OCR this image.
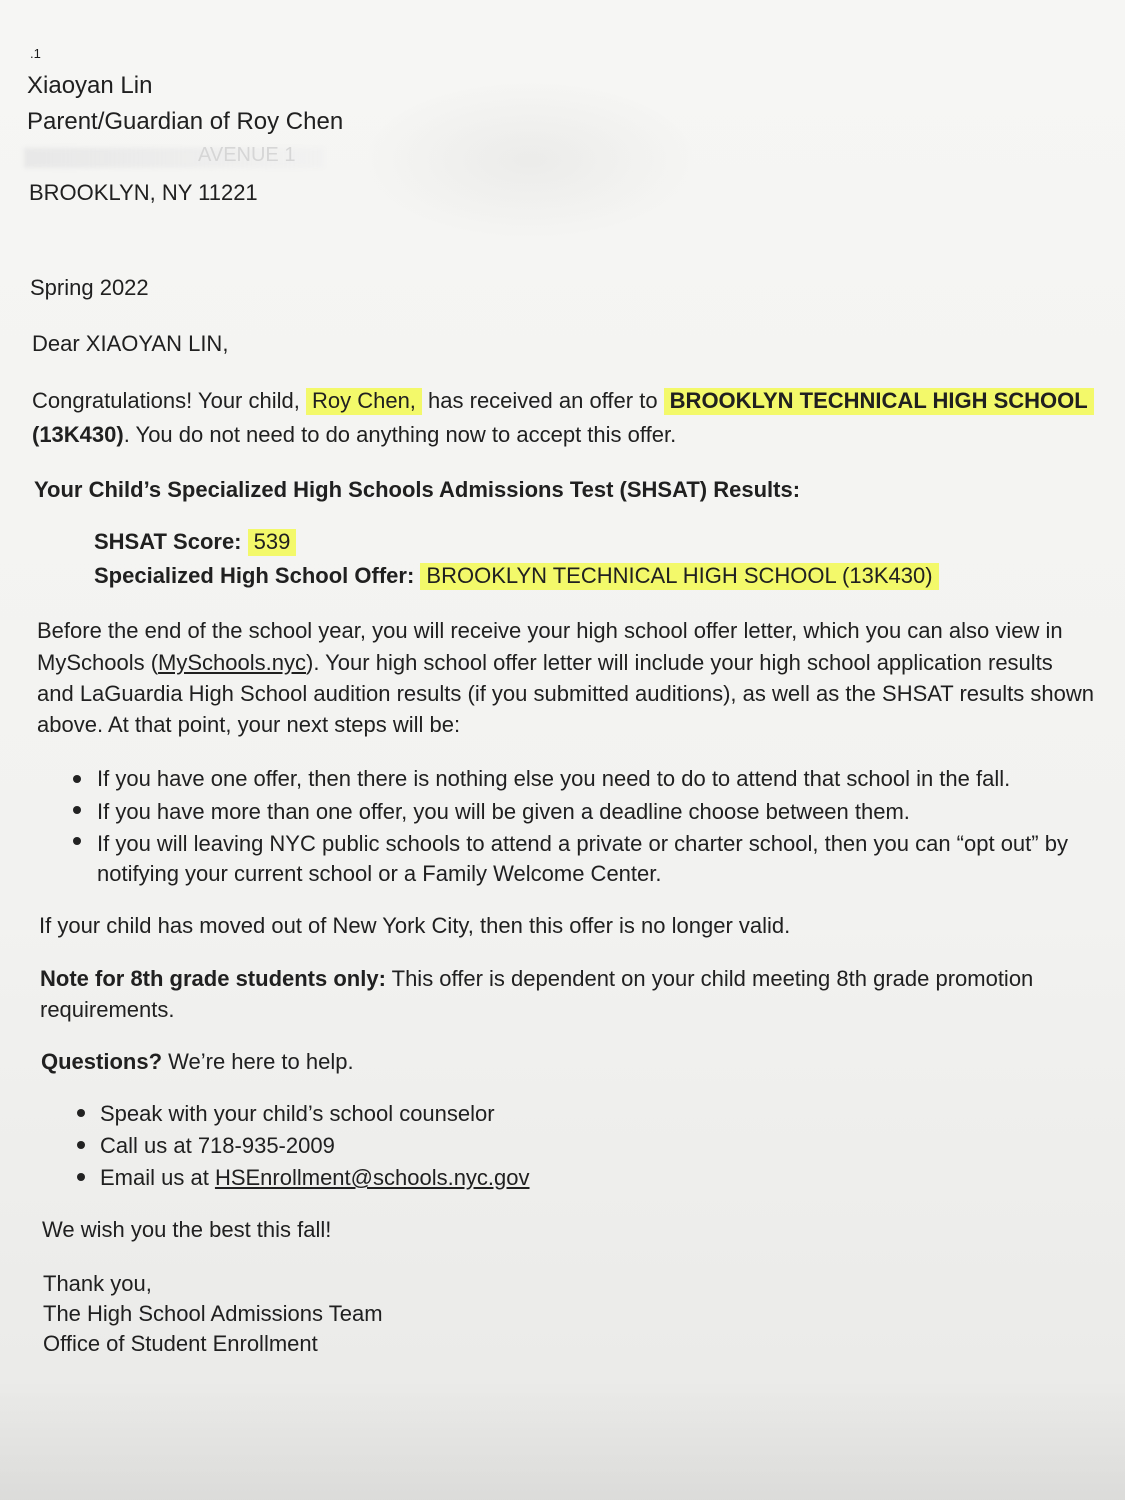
.1
Xiaoyan Lin
Parent/Guardian of Roy Chen
AVENUE 1
BROOKLYN, NY 11221
Spring 2022
Dear XIAOYAN LIN,
Congratulations! Your child, Roy Chen, has received an offer to BROOKLYN TECHNICAL HIGH SCHOOL
(13K430). You do not need to do anything now to accept this offer.
Your Child’s Specialized High Schools Admissions Test (SHSAT) Results:
SHSAT Score: 539
Specialized High School Offer: BROOKLYN TECHNICAL HIGH SCHOOL (13K430)
Before the end of the school year, you will receive your high school offer letter, which you can also view in
MySchools (MySchools.nyc). Your high school offer letter will include your high school application results
and LaGuardia High School audition results (if you submitted auditions), as well as the SHSAT results shown
above. At that point, your next steps will be:
If you have one offer, then there is nothing else you need to do to attend that school in the fall.
If you have more than one offer, you will be given a deadline choose between them.
If you will leaving NYC public schools to attend a private or charter school, then you can “opt out” by
notifying your current school or a Family Welcome Center.
If your child has moved out of New York City, then this offer is no longer valid.
Note for 8th grade students only: This offer is dependent on your child meeting 8th grade promotion
requirements.
Questions? We’re here to help.
Speak with your child’s school counselor
Call us at 718-935-2009
Email us at HSEnrollment@schools.nyc.gov
We wish you the best this fall!
Thank you,
The High School Admissions Team
Office of Student Enrollment
